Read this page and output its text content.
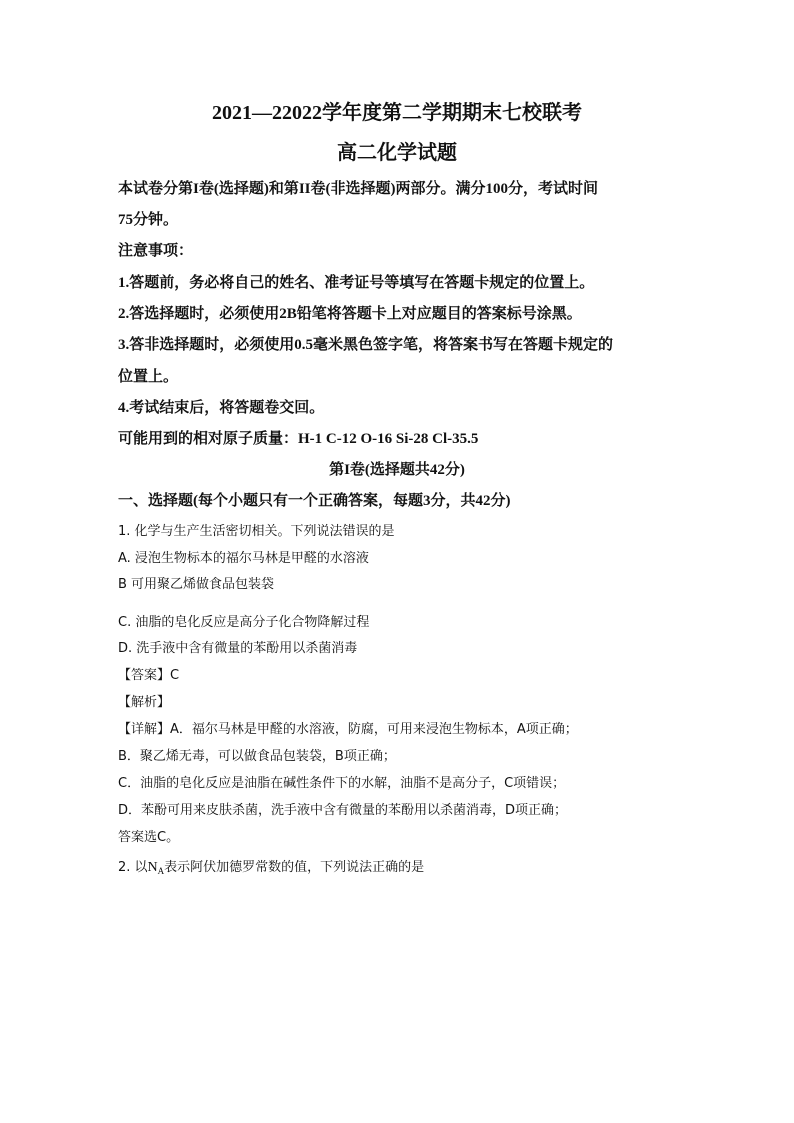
2021—22022学年度第二学期期末七校联考
高二化学试题
本试卷分第I卷(选择题)和第II卷(非选择题)两部分。满分100分，考试时间
75分钟。
注意事项：
1.答题前，务必将自己的姓名、准考证号等填写在答题卡规定的位置上。
2.答选择题时，必须使用2B铅笔将答题卡上对应题目的答案标号涂黑。
3.答非选择题时，必须使用0.5毫米黑色签字笔，将答案书写在答题卡规定的
位置上。
4.考试结束后，将答题卷交回。
可能用到的相对原子质量：H-1 C-12 O-16 Si-28 Cl-35.5
第I卷(选择题共42分)
一、选择题(每个小题只有一个正确答案，每题3分，共42分)
1. 化学与生产生活密切相关。下列说法错误的是
A. 浸泡生物标本的福尔马林是甲醛的水溶液
B 可用聚乙烯做食品包装袋
C. 油脂的皂化反应是高分子化合物降解过程
D. 洗手液中含有微量的苯酚用以杀菌消毒
【答案】C
【解析】
【详解】A．福尔马林是甲醛的水溶液，防腐，可用来浸泡生物标本，A项正确；
B．聚乙烯无毒，可以做食品包装袋，B项正确；
C．油脂的皂化反应是油脂在碱性条件下的水解，油脂不是高分子，C项错误；
D．苯酚可用来皮肤杀菌，洗手液中含有微量的苯酚用以杀菌消毒，D项正确；
答案选C。
2. 以$N_A$表示阿伏加德罗常数的值，下列说法正确的是
